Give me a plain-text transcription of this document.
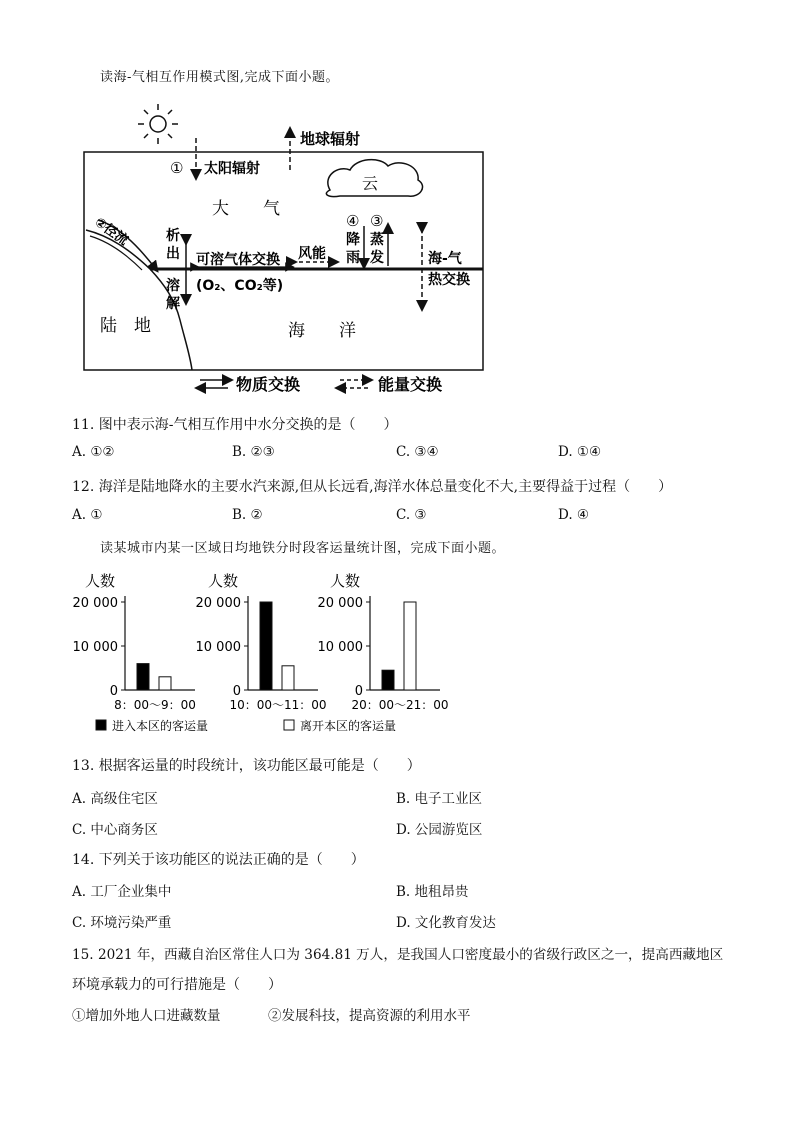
读海-气相互作用模式图,完成下面小题。
地球辐射
① 太阳辐射
云
大　　气
②径流	④
降
雨
③
蒸
发
析
出
溶
解
可溶气体交换
(O₂、CO₂等)
风能	海-气
热交换
陆　地	海　　洋
物质交换	能量交换
11. 图中表示海-气相互作用中水分交换的是（　　）
A. ①②	B. ②③	C. ③④	D. ①④
12. 海洋是陆地降水的主要水汽来源,但从长远看,海洋水体总量变化不大,主要得益于过程（　　）
A. ①	B. ②	C. ③	D. ④
读某城市内某一区域日均地铁分时段客运量统计图，完成下面小题。
人数
20 000
10 000
0
8：00～9：00
人数
20 000
10 000
0
10：00～11：00
人数
20 000
10 000
0
20：00～21：00
进入本区的客运量	离开本区的客运量
13. 根据客运量的时段统计，该功能区最可能是（　　）
A. 高级住宅区	B. 电子工业区
C. 中心商务区	D. 公园游览区
14. 下列关于该功能区的说法正确的是（　　）
A. 工厂企业集中	B. 地租昂贵
C. 环境污染严重	D. 文化教育发达
15. 2021 年，西藏自治区常住人口为 364.81 万人，是我国人口密度最小的省级行政区之一，提高西藏地区
环境承载力的可行措施是（　　）
①增加外地人口进藏数量	②发展科技，提高资源的利用水平
